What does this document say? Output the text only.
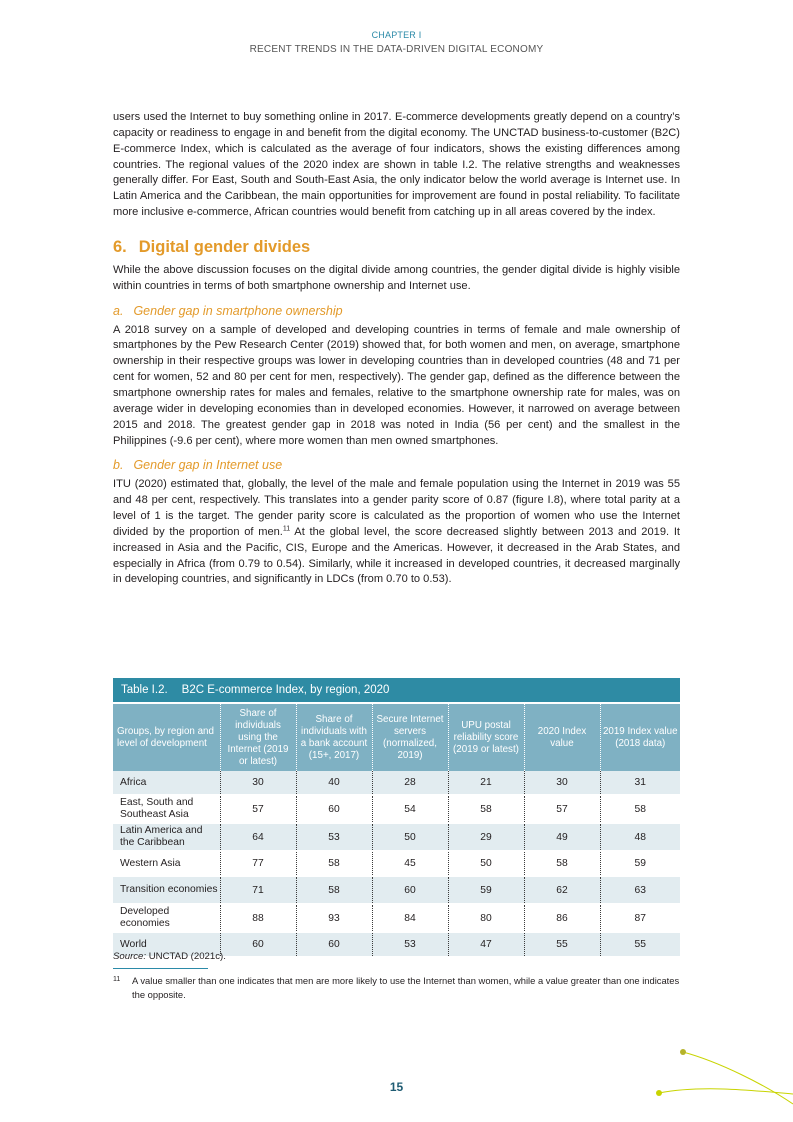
CHAPTER I
RECENT TRENDS IN THE DATA-DRIVEN DIGITAL ECONOMY

users used the Internet to buy something online in 2017. E-commerce developments greatly depend on a country’s capacity or readiness to engage in and benefit from the digital economy. The UNCTAD business-to-customer (B2C) E-commerce Index, which is calculated as the average of four indicators, shows the existing differences among countries. The regional values of the 2020 index are shown in table I.2. The relative strengths and weaknesses generally differ. For East, South and South-East Asia, the only indicator below the world average is Internet use. In Latin America and the Caribbean, the main opportunities for improvement are found in postal reliability. To facilitate more inclusive e-commerce, African countries would benefit from catching up in all areas covered by the index.

6. Digital gender divides

While the above discussion focuses on the digital divide among countries, the gender digital divide is highly visible within countries in terms of both smartphone ownership and Internet use.

a. Gender gap in smartphone ownership

A 2018 survey on a sample of developed and developing countries in terms of female and male ownership of smartphones by the Pew Research Center (2019) showed that, for both women and men, on average, smartphone ownership in their respective groups was lower in developing countries than in developed countries (48 and 71 per cent for women, 52 and 80 per cent for men, respectively). The gender gap, defined as the difference between the smartphone ownership rates for males and females, relative to the smartphone ownership rate for males, was on average wider in developing economies than in developed economies. However, it narrowed on average between 2015 and 2018. The greatest gender gap in 2018 was noted in India (56 per cent) and the smallest in the Philippines (-9.6 per cent), where more women than men owned smartphones.

b. Gender gap in Internet use

ITU (2020) estimated that, globally, the level of the male and female population using the Internet in 2019 was 55 and 48 per cent, respectively. This translates into a gender parity score of 0.87 (figure I.8), where total parity at a level of 1 is the target. The gender parity score is calculated as the proportion of women who use the Internet divided by the proportion of men.$^{11}$ At the global level, the score decreased slightly between 2013 and 2019. It increased in Asia and the Pacific, CIS, Europe and the Americas. However, it decreased in the Arab States, and especially in Africa (from 0.79 to 0.54). Similarly, while it increased in developed countries, it decreased marginally in developing countries, and significantly in LDCs (from 0.70 to 0.53).

Table I.2. B2C E-commerce Index, by region, 2020
Groups, by region and level of development	Share of individuals using the Internet (2019 or latest)	Share of individuals with a bank account (15+, 2017)	Secure Internet servers (normalized, 2019)	UPU postal reliability score (2019 or latest)	2020 Index value	2019 Index value (2018 data)
Africa	30	40	28	21	30	31
East, South and Southeast Asia	57	60	54	58	57	58
Latin America and the Caribbean	64	53	50	29	49	48
Western Asia	77	58	45	50	58	59
Transition economies	71	58	60	59	62	63
Developed economies	88	93	84	80	86	87
World	60	60	53	47	55	55
Source: UNCTAD (2021c).
11 A value smaller than one indicates that men are more likely to use the Internet than women, while a value greater than one indicates the opposite.
15
